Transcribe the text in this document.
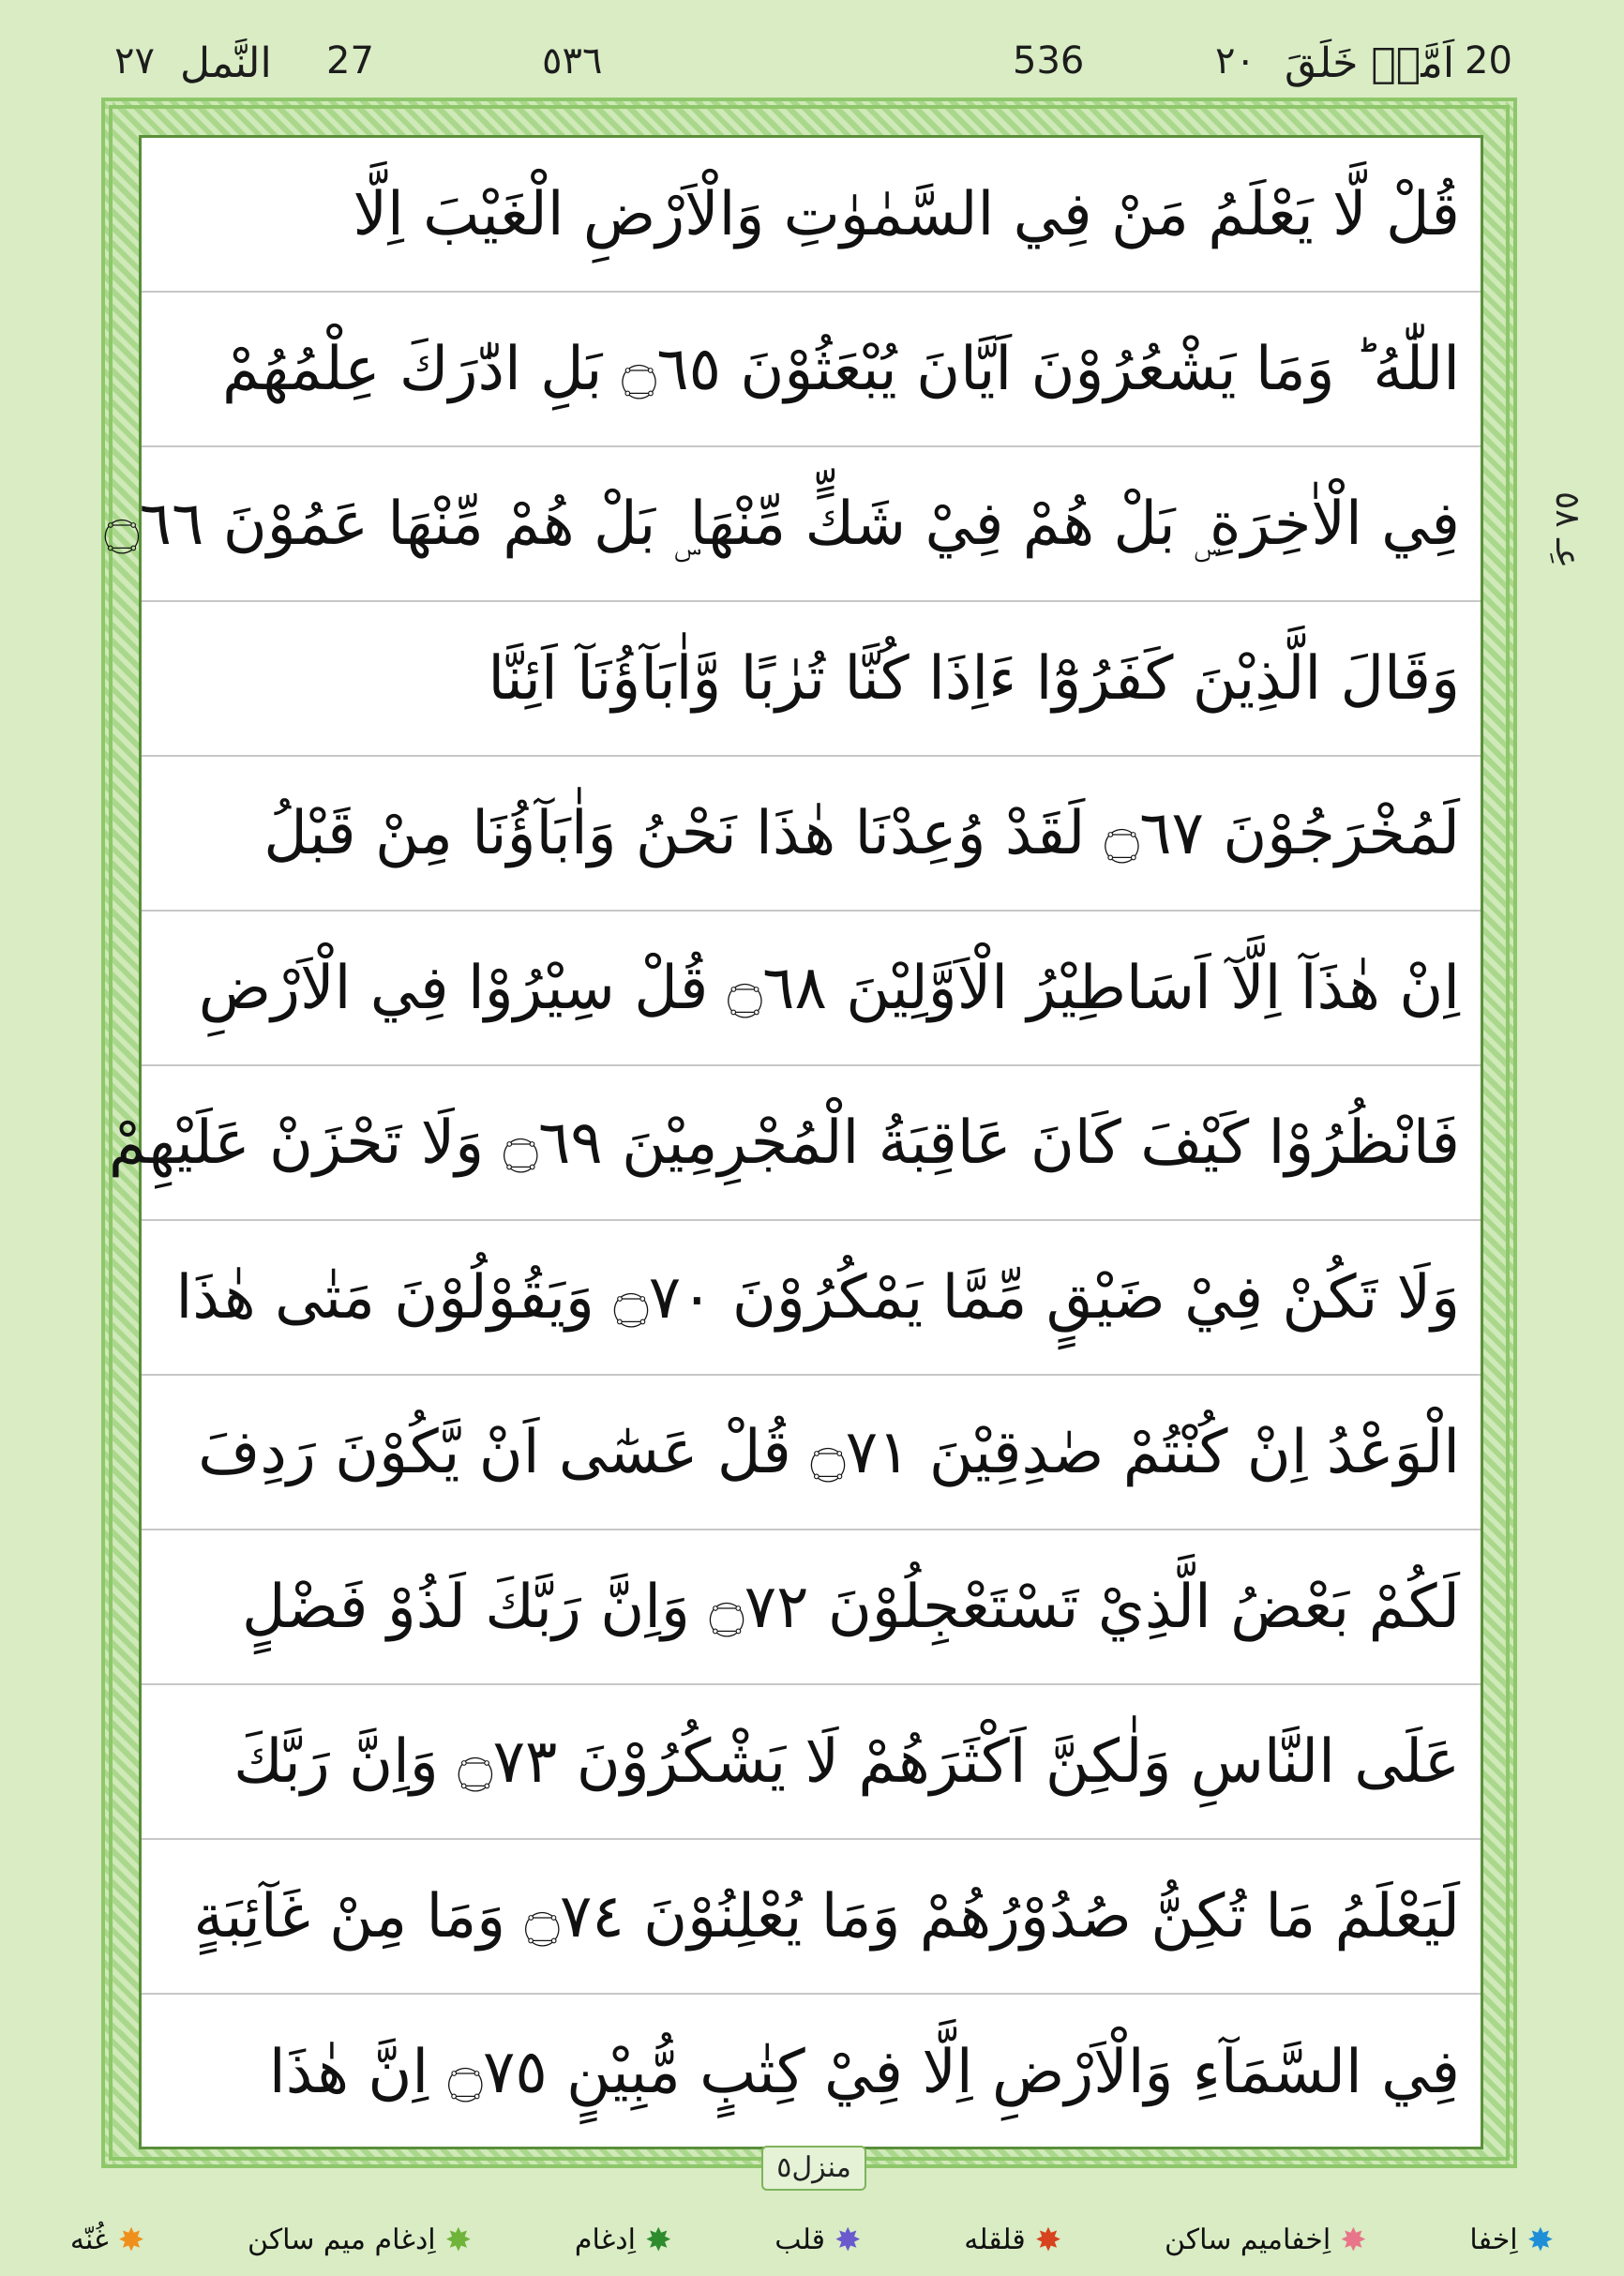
20
اَمَّنۡ خَلَقَ
٢٠
536
٥٣٦
27
النَّمل
٢٧
عِـ ٥٨
قُلْ لَّا يَعْلَمُ مَنْ فِي السَّمٰوٰتِ وَالْاَرْضِ الْغَيْبَ اِلَّا
اللّٰهُ ؕ وَمَا يَشْعُرُوْنَ اَيَّانَ يُبْعَثُوْنَ ۝٦٥ بَلِ ادّٰرَكَ عِلْمُهُمْ
فِي الْاٰخِرَةِ ۣ بَلْ هُمْ فِيْ شَكٍّ مِّنْهَا ۣ بَلْ هُمْ مِّنْهَا عَمُوْنَ ۝٦٦
وَقَالَ الَّذِيْنَ كَفَرُوْٓا ءَاِذَا كُنَّا تُرٰبًا وَّاٰبَآؤُنَآ اَئِنَّا
لَمُخْرَجُوْنَ ۝٦٧ لَقَدْ وُعِدْنَا هٰذَا نَحْنُ وَاٰبَآؤُنَا مِنْ قَبْلُ
اِنْ هٰذَآ اِلَّآ اَسَاطِيْرُ الْاَوَّلِيْنَ ۝٦٨ قُلْ سِيْرُوْا فِي الْاَرْضِ
فَانْظُرُوْا كَيْفَ كَانَ عَاقِبَةُ الْمُجْرِمِيْنَ ۝٦٩ وَلَا تَحْزَنْ عَلَيْهِمْ
وَلَا تَكُنْ فِيْ ضَيْقٍ مِّمَّا يَمْكُرُوْنَ ۝٧٠ وَيَقُوْلُوْنَ مَتٰى هٰذَا
الْوَعْدُ اِنْ كُنْتُمْ صٰدِقِيْنَ ۝٧١ قُلْ عَسٰٓى اَنْ يَّكُوْنَ رَدِفَ
لَكُمْ بَعْضُ الَّذِيْ تَسْتَعْجِلُوْنَ ۝٧٢ وَاِنَّ رَبَّكَ لَذُوْ فَضْلٍ
عَلَى النَّاسِ وَلٰكِنَّ اَكْثَرَهُمْ لَا يَشْكُرُوْنَ ۝٧٣ وَاِنَّ رَبَّكَ
لَيَعْلَمُ مَا تُكِنُّ صُدُوْرُهُمْ وَمَا يُعْلِنُوْنَ ۝٧٤ وَمَا مِنْ غَآئِبَةٍ
فِي السَّمَآءِ وَالْاَرْضِ اِلَّا فِيْ كِتٰبٍ مُّبِيْنٍ ۝٧٥ اِنَّ هٰذَا
منزل٥
✸
اِخفا
✸
اِخفامیم ساکن
✸
قلقله
✸
قلب
✸
اِدغام
✸
اِدغام میم ساکن
✸
غُنّه
